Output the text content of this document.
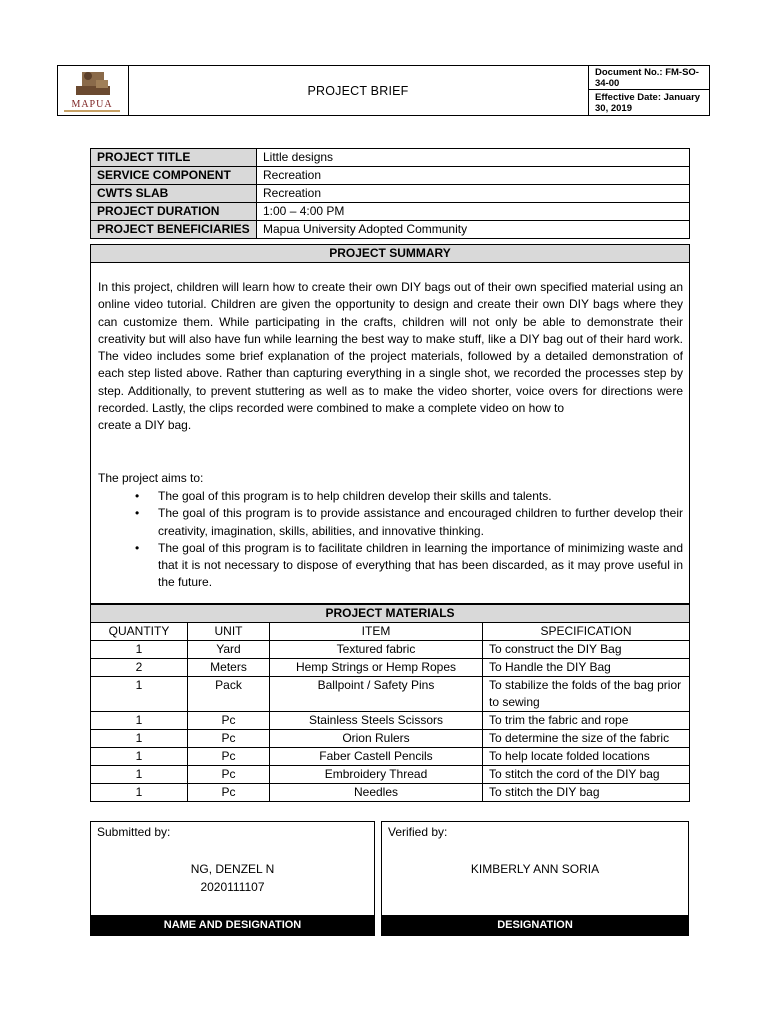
MAPUA
PROJECT BRIEF
Document No.: FM-SO-34-00
Effective Date: January 30, 2019
PROJECT TITLE	Little designs
SERVICE COMPONENT	Recreation
CWTS SLAB	Recreation
PROJECT DURATION	1:00 – 4:00 PM
PROJECT BENEFICIARIES	Mapua University Adopted Community
PROJECT SUMMARY
In this project, children will learn how to create their own DIY bags out of their own specified material using an online video tutorial. Children are given the opportunity to design and create their own DIY bags where they can customize them. While participating in the crafts, children will not only be able to demonstrate their creativity but will also have fun while learning the best way to make stuff, like a DIY bag out of their hard work. The video includes some brief explanation of the project materials, followed by a detailed demonstration of each step listed above. Rather than capturing everything in a single shot, we recorded the processes step by step. Additionally, to prevent stuttering as well as to make the video shorter, voice overs for directions were recorded. Lastly, the clips recorded were combined to make a complete video on how to
create a DIY bag.
The project aims to:
• The goal of this program is to help children develop their skills and talents.
• The goal of this program is to provide assistance and encouraged children to further develop their creativity, imagination, skills, abilities, and innovative thinking.
• The goal of this program is to facilitate children in learning the importance of minimizing waste and that it is not necessary to dispose of everything that has been discarded, as it may prove useful in the future.
PROJECT MATERIALS			
QUANTITY	UNIT	ITEM	SPECIFICATION
1	Yard	Textured fabric	To construct the DIY Bag
2	Meters	Hemp Strings or Hemp Ropes	To Handle the DIY Bag
1	Pack	Ballpoint / Safety Pins	To stabilize the folds of the bag prior to sewing
1	Pc	Stainless Steels Scissors	To trim the fabric and rope
1	Pc	Orion Rulers	To determine the size of the fabric
1	Pc	Faber Castell Pencils	To help locate folded locations
1	Pc	Embroidery Thread	To stitch the cord of the DIY bag
1	Pc	Needles	To stitch the DIY bag
Submitted by:
NG, DENZEL N
2020111107
NAME AND DESIGNATION
Verified by:
KIMBERLY ANN SORIA
DESIGNATION
